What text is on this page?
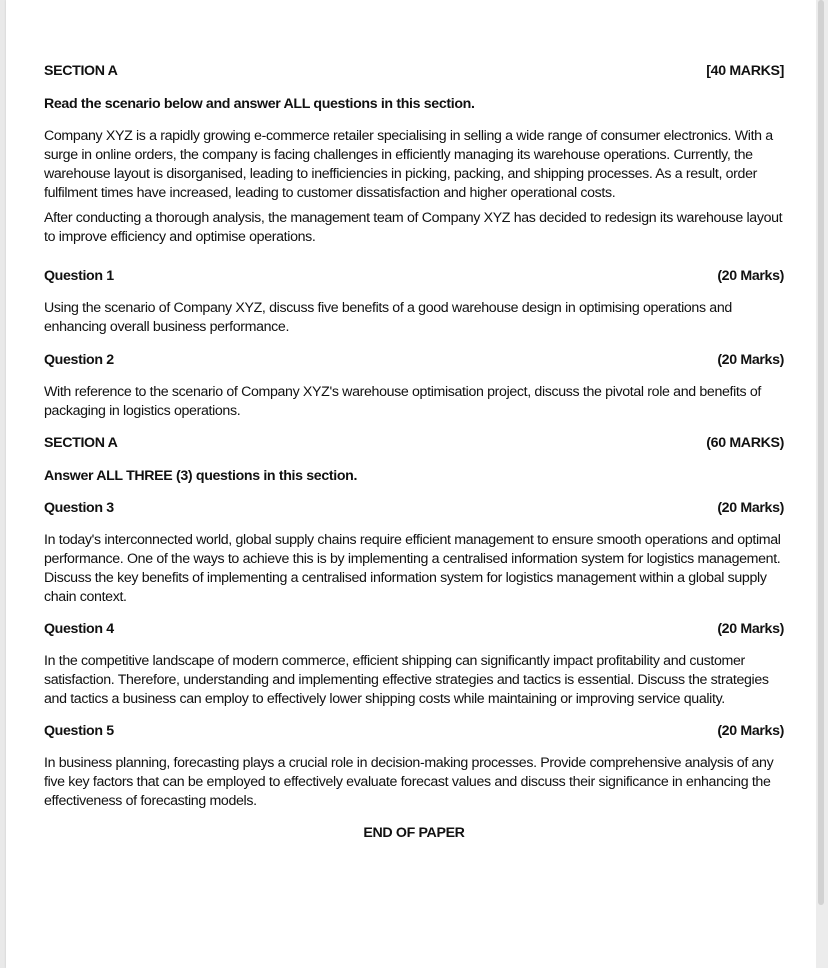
SECTION A	[40 MARKS]

Read the scenario below and answer ALL questions in this section.

Company XYZ is a rapidly growing e-commerce retailer specialising in selling a wide range of consumer electronics. With a surge in online orders, the company is facing challenges in efficiently managing its warehouse operations. Currently, the warehouse layout is disorganised, leading to inefficiencies in picking, packing, and shipping processes. As a result, order fulfilment times have increased, leading to customer dissatisfaction and higher operational costs.

After conducting a thorough analysis, the management team of Company XYZ has decided to redesign its warehouse layout to improve efficiency and optimise operations.

Question 1	(20 Marks)

Using the scenario of Company XYZ, discuss five benefits of a good warehouse design in optimising operations and enhancing overall business performance.

Question 2	(20 Marks)

With reference to the scenario of Company XYZ's warehouse optimisation project, discuss the pivotal role and benefits of packaging in logistics operations.

SECTION A	(60 MARKS)

Answer ALL THREE (3) questions in this section.

Question 3	(20 Marks)

In today's interconnected world, global supply chains require efficient management to ensure smooth operations and optimal performance. One of the ways to achieve this is by implementing a centralised information system for logistics management. Discuss the key benefits of implementing a centralised information system for logistics management within a global supply chain context.

Question 4	(20 Marks)

In the competitive landscape of modern commerce, efficient shipping can significantly impact profitability and customer satisfaction. Therefore, understanding and implementing effective strategies and tactics is essential. Discuss the strategies and tactics a business can employ to effectively lower shipping costs while maintaining or improving service quality.

Question 5	(20 Marks)

In business planning, forecasting plays a crucial role in decision-making processes. Provide comprehensive analysis of any five key factors that can be employed to effectively evaluate forecast values and discuss their significance in enhancing the effectiveness of forecasting models.

END OF PAPER
